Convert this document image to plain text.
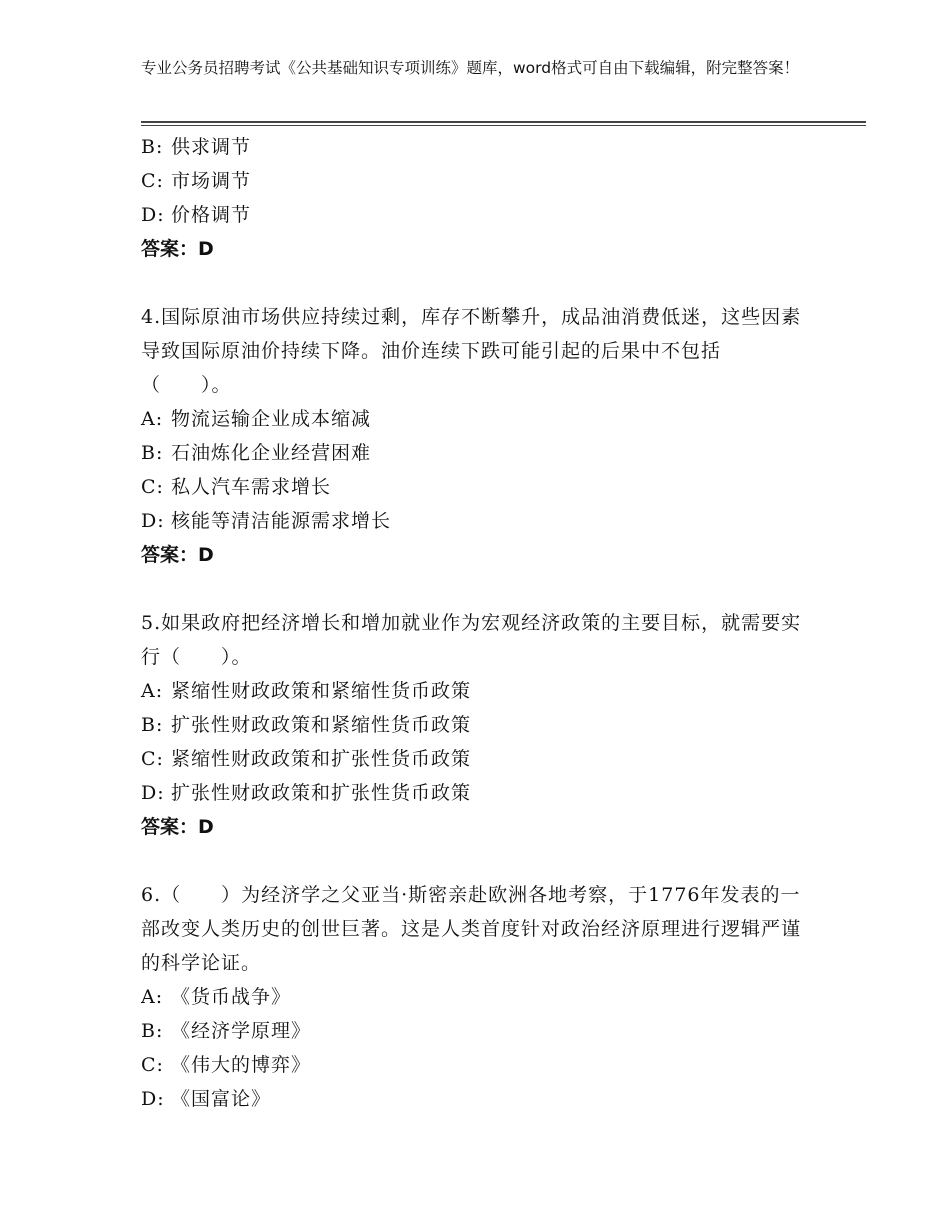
专业公务员招聘考试《公共基础知识专项训练》题库，word格式可自由下载编辑，附完整答案！
B: 供求调节
C: 市场调节
D: 价格调节
答案：D
4.国际原油市场供应持续过剩，库存不断攀升，成品油消费低迷，这些因素导致国际原油价持续下降。油价连续下跌可能引起的后果中不包括（　　）。
A: 物流运输企业成本缩减
B: 石油炼化企业经营困难
C: 私人汽车需求增长
D: 核能等清洁能源需求增长
答案：D
5.如果政府把经济增长和增加就业作为宏观经济政策的主要目标，就需要实行（　　）。
A: 紧缩性财政政策和紧缩性货币政策
B: 扩张性财政政策和紧缩性货币政策
C: 紧缩性财政政策和扩张性货币政策
D: 扩张性财政政策和扩张性货币政策
答案：D
6.（　　）为经济学之父亚当·斯密亲赴欧洲各地考察，于1776年发表的一部改变人类历史的创世巨著。这是人类首度针对政治经济原理进行逻辑严谨的科学论证。
A: 《货币战争》
B: 《经济学原理》
C: 《伟大的博弈》
D: 《国富论》
